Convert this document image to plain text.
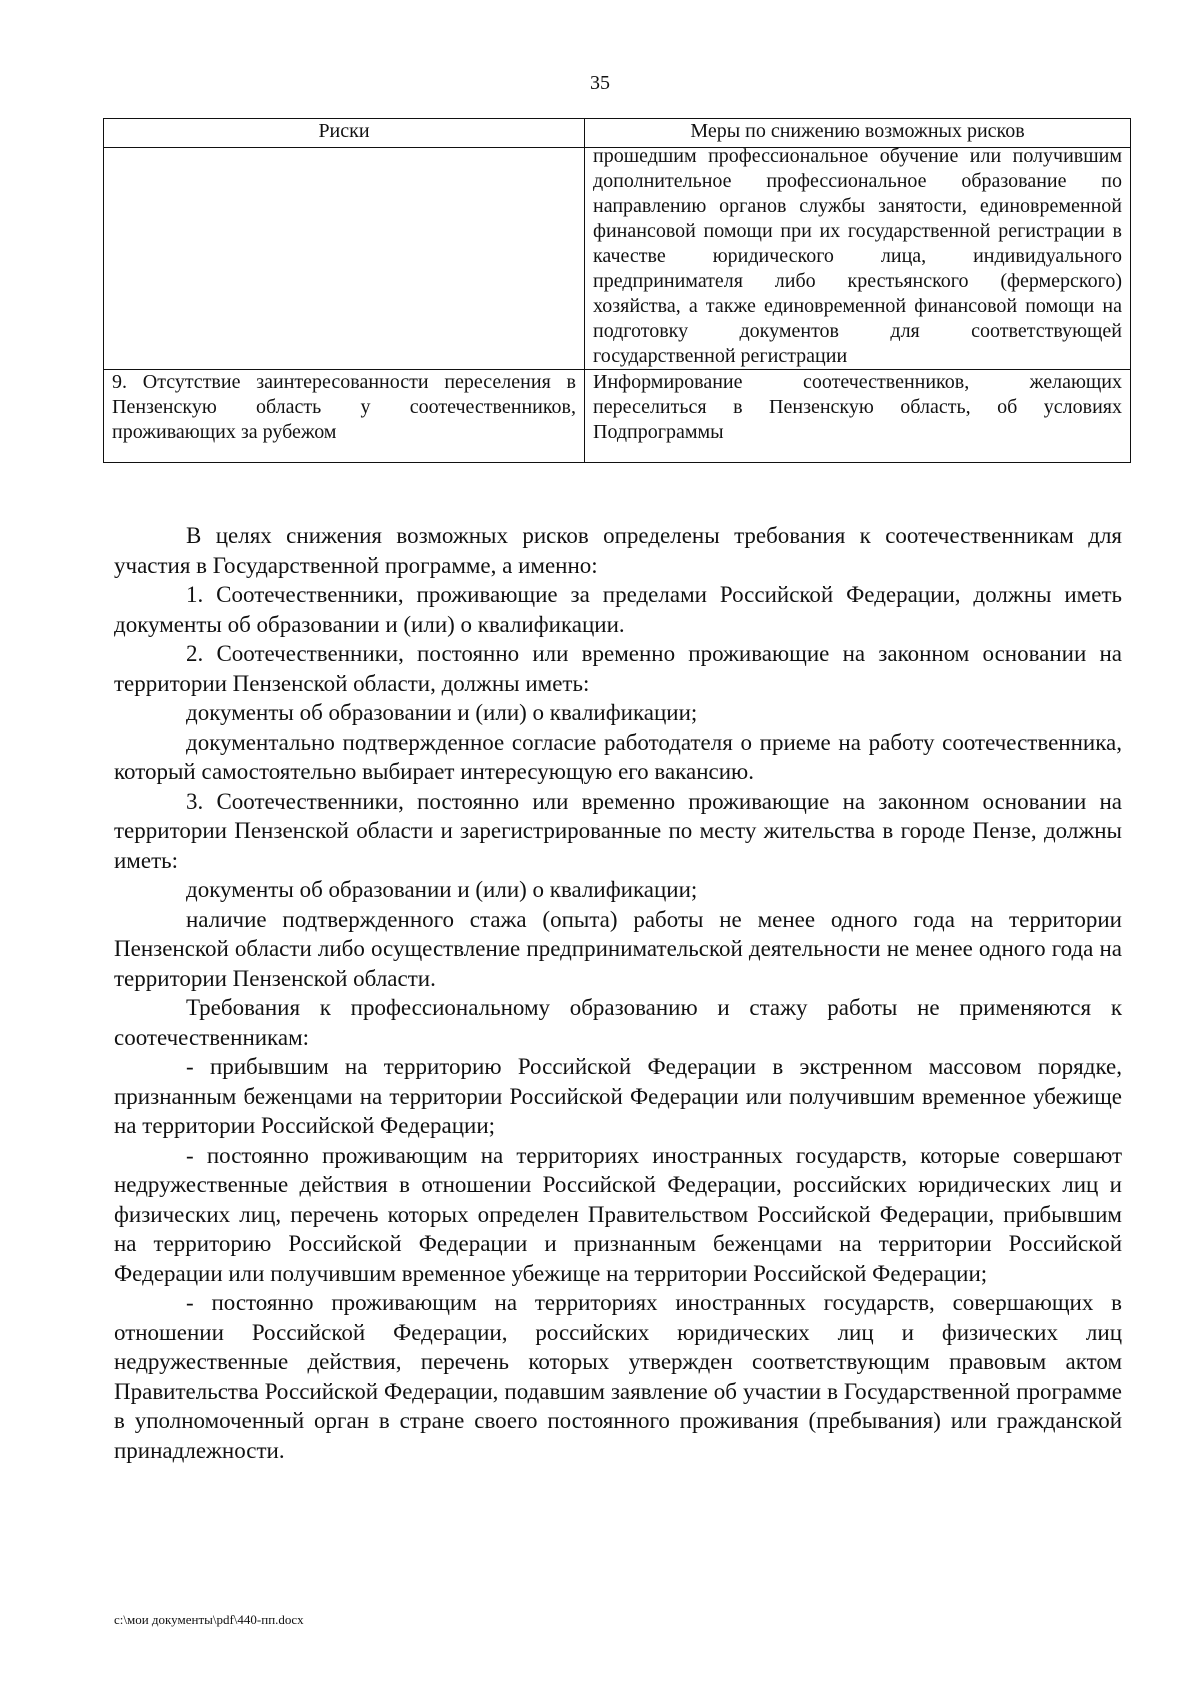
35
Риски	Меры по снижению возможных рисков

	прошедшим профессиональное обучение или получившим дополнительное профессиональное образование по направлению органов службы занятости, единовременной финансовой помощи при их государственной регистрации в качестве юридического лица, индивидуального предпринимателя либо крестьянского (фермерского) хозяйства, а также единовременной финансовой помощи на подготовку документов для соответствующей государственной регистрации

9. Отсутствие заинтересованности переселения в Пензенскую область у соотечественников, проживающих за рубежом	Информирование соотечественников, желающих переселиться в Пензенскую область, об условиях Подпрограммы

В целях снижения возможных рисков определены требования к соотечественникам для участия в Государственной программе, а именно:

1. Соотечественники, проживающие за пределами Российской Федерации, должны иметь документы об образовании и (или) о квалификации.

2. Соотечественники, постоянно или временно проживающие на законном основании на территории Пензенской области, должны иметь:

документы об образовании и (или) о квалификации;

документально подтвержденное согласие работодателя о приеме на работу соотечественника, который самостоятельно выбирает интересующую его вакансию.

3. Соотечественники, постоянно или временно проживающие на законном основании на территории Пензенской области и зарегистрированные по месту жительства в городе Пензе, должны иметь:

документы об образовании и (или) о квалификации;

наличие подтвержденного стажа (опыта) работы не менее одного года на территории Пензенской области либо осуществление предпринимательской деятельности не менее одного года на территории Пензенской области.

Требования к профессиональному образованию и стажу работы не применяются к соотечественникам:

- прибывшим на территорию Российской Федерации в экстренном массовом порядке, признанным беженцами на территории Российской Федерации или получившим временное убежище на территории Российской Федерации;

- постоянно проживающим на территориях иностранных государств, которые совершают недружественные действия в отношении Российской Федерации, российских юридических лиц и физических лиц, перечень которых определен Правительством Российской Федерации, прибывшим на территорию Российской Федерации и признанным беженцами на территории Российской Федерации или получившим временное убежище на территории Российской Федерации;

- постоянно проживающим на территориях иностранных государств, совершающих в отношении Российской Федерации, российских юридических лиц и физических лиц недружественные действия, перечень которых утвержден соответствующим правовым актом Правительства Российской Федерации, подавшим заявление об участии в Государственной программе в уполномоченный орган в стране своего постоянного проживания (пребывания) или гражданской принадлежности.

c:\мои документы\pdf\440-пп.docx
